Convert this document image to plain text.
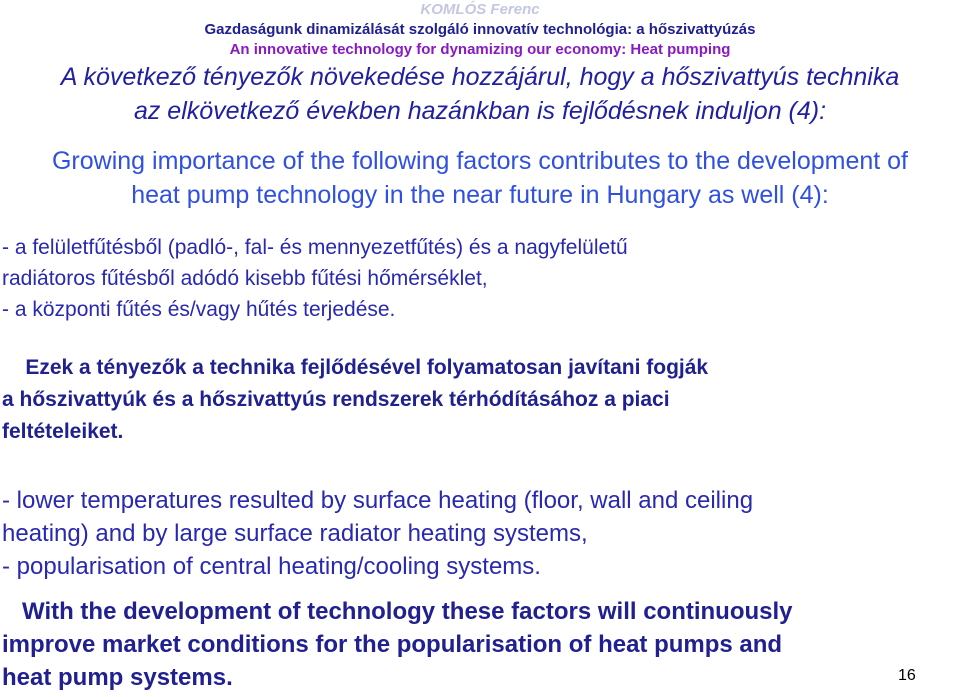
KOMLÓS Ferenc
Gazdaságunk dinamizálását szolgáló innovatív technológia: a hőszivattyúzás
An innovative technology for dynamizing our economy: Heat pumping
A következő tényezők növekedése hozzájárul, hogy a hőszivattyús technika
az elkövetkező években hazánkban is fejlődésnek induljon (4):
Growing importance of the following factors contributes to the development of
heat pump technology in the near future in Hungary as well (4):
- a felületfűtésből (padló-, fal- és mennyezetfűtés) és a nagyfelületű
radiátoros fűtésből adódó kisebb fűtési hőmérséklet,
- a központi fűtés és/vagy hűtés terjedése.
Ezek a tényezők a technika fejlődésével folyamatosan javítani fogják
a hőszivattyúk és a hőszivattyús rendszerek térhódításához a piaci
feltételeiket.
- lower temperatures resulted by surface heating (floor, wall and ceiling
heating) and by large surface radiator heating systems,
- popularisation of central heating/cooling systems.
With the development of technology these factors will continuously
improve market conditions for the popularisation of heat pumps and
heat pump systems.	16
